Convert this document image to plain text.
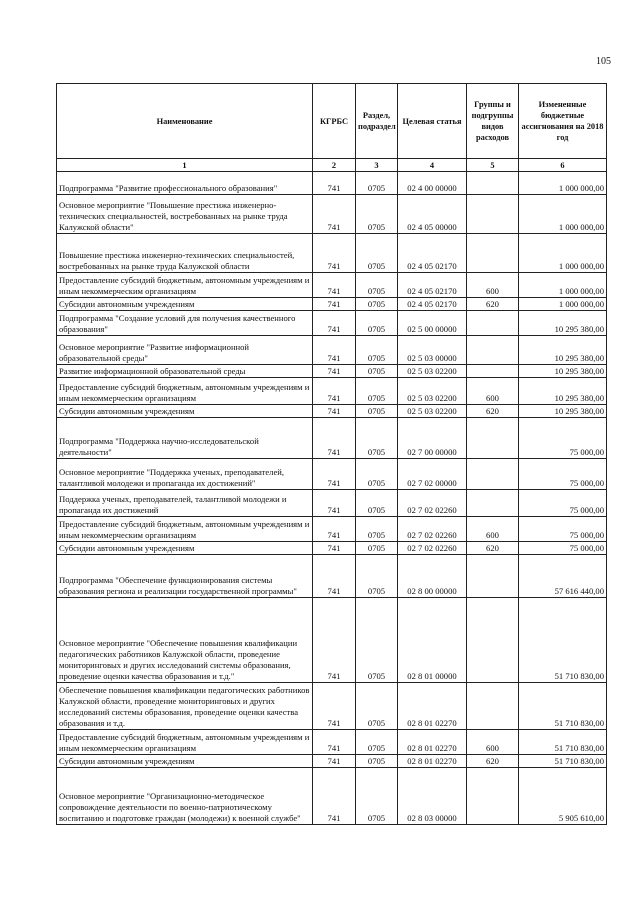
105
Наименование	КГРБС	Раздел, подраздел	Целевая статья	Группы и подгруппы видов расходов	Измененные бюджетные ассигнования на 2018 год
1	2	3	4	5	6
Подпрограмма "Развитие профессионального образования"	741	0705	02 4 00 00000		1 000 000,00
Основное мероприятие "Повышение престижа инженерно-технических специальностей, востребованных на рынке труда Калужской области"	741	0705	02 4 05 00000		1 000 000,00
Повышение престижа инженерно-технических специальностей, востребованных на рынке труда Калужской области	741	0705	02 4 05 02170		1 000 000,00
Предоставление субсидий бюджетным, автономным учреждениям и иным некоммерческим организациям	741	0705	02 4 05 02170	600	1 000 000,00
Субсидии автономным учреждениям	741	0705	02 4 05 02170	620	1 000 000,00
Подпрограмма "Создание условий для получения качественного образования"	741	0705	02 5 00 00000		10 295 380,00
Основное мероприятие "Развитие информационной образовательной среды"	741	0705	02 5 03 00000		10 295 380,00
Развитие информационной образовательной среды	741	0705	02 5 03 02200		10 295 380,00
Предоставление субсидий бюджетным, автономным учреждениям и иным некоммерческим организациям	741	0705	02 5 03 02200	600	10 295 380,00
Субсидии автономным учреждениям	741	0705	02 5 03 02200	620	10 295 380,00
Подпрограмма "Поддержка научно-исследовательской деятельности"	741	0705	02 7 00 00000		75 000,00
Основное мероприятие "Поддержка ученых, преподавателей, талантливой молодежи и пропаганда их достижений"	741	0705	02 7 02 00000		75 000,00
Поддержка ученых, преподавателей, талантливой молодежи и пропаганда их достижений	741	0705	02 7 02 02260		75 000,00
Предоставление субсидий бюджетным, автономным учреждениям и иным некоммерческим организациям	741	0705	02 7 02 02260	600	75 000,00
Субсидии автономным учреждениям	741	0705	02 7 02 02260	620	75 000,00
Подпрограмма "Обеспечение функционирования системы образования региона и реализации государственной программы"	741	0705	02 8 00 00000		57 616 440,00
Основное мероприятие "Обеспечение повышения квалификации педагогических работников Калужской области, проведение мониторинговых и других исследований системы образования, проведение оценки качества образования и т.д."	741	0705	02 8 01 00000		51 710 830,00
Обеспечение повышения квалификации педагогических работников Калужской области, проведение мониторинговых и других исследований системы образования, проведение оценки качества образования и т.д.	741	0705	02 8 01 02270		51 710 830,00
Предоставление субсидий бюджетным, автономным учреждениям и иным некоммерческим организациям	741	0705	02 8 01 02270	600	51 710 830,00
Субсидии автономным учреждениям	741	0705	02 8 01 02270	620	51 710 830,00
Основное мероприятие "Организационно-методическое сопровождение деятельности по военно-патриотическому воспитанию и подготовке граждан (молодежи) к военной службе"	741	0705	02 8 03 00000		5 905 610,00
